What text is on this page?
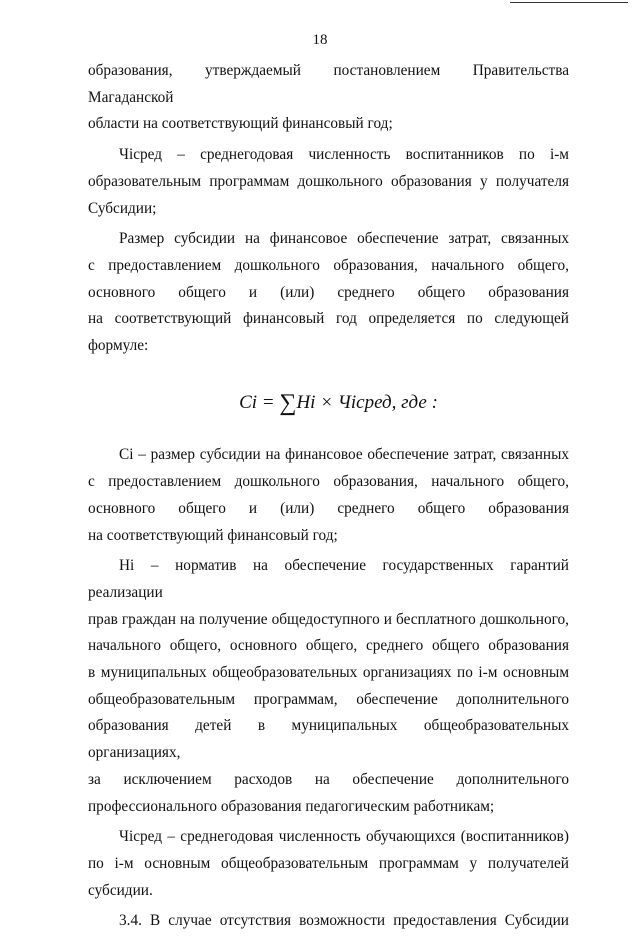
18

образования, утверждаемый постановлением Правительства Магаданской
области на соответствующий финансовый год;

Чiсред – среднегодовая численность воспитанников по i-м
образовательным программам дошкольного образования у получателя
Субсидии;

Размер субсидии на финансовое обеспечение затрат, связанных
с предоставлением дошкольного образования, начального общего,
основного общего и (или) среднего общего образования
на соответствующий финансовый год определяется по следующей
формуле:

Ci = ∑Hi × Чiсред, где :

Ci – размер субсидии на финансовое обеспечение затрат, связанных
с предоставлением дошкольного образования, начального общего,
основного общего и (или) среднего общего образования
на соответствующий финансовый год;

Hi – норматив на обеспечение государственных гарантий реализации
прав граждан на получение общедоступного и бесплатного дошкольного,
начального общего, основного общего, среднего общего образования
в муниципальных общеобразовательных организациях по i-м основным
общеобразовательным программам, обеспечение дополнительного
образования детей в муниципальных общеобразовательных организациях,
за исключением расходов на обеспечение дополнительного
профессионального образования педагогическим работникам;

Чiсред – среднегодовая численность обучающихся (воспитанников)
по i-м основным общеобразовательным программам у получателей
субсидии.

3.4. В случае отсутствия возможности предоставления Субсидии
